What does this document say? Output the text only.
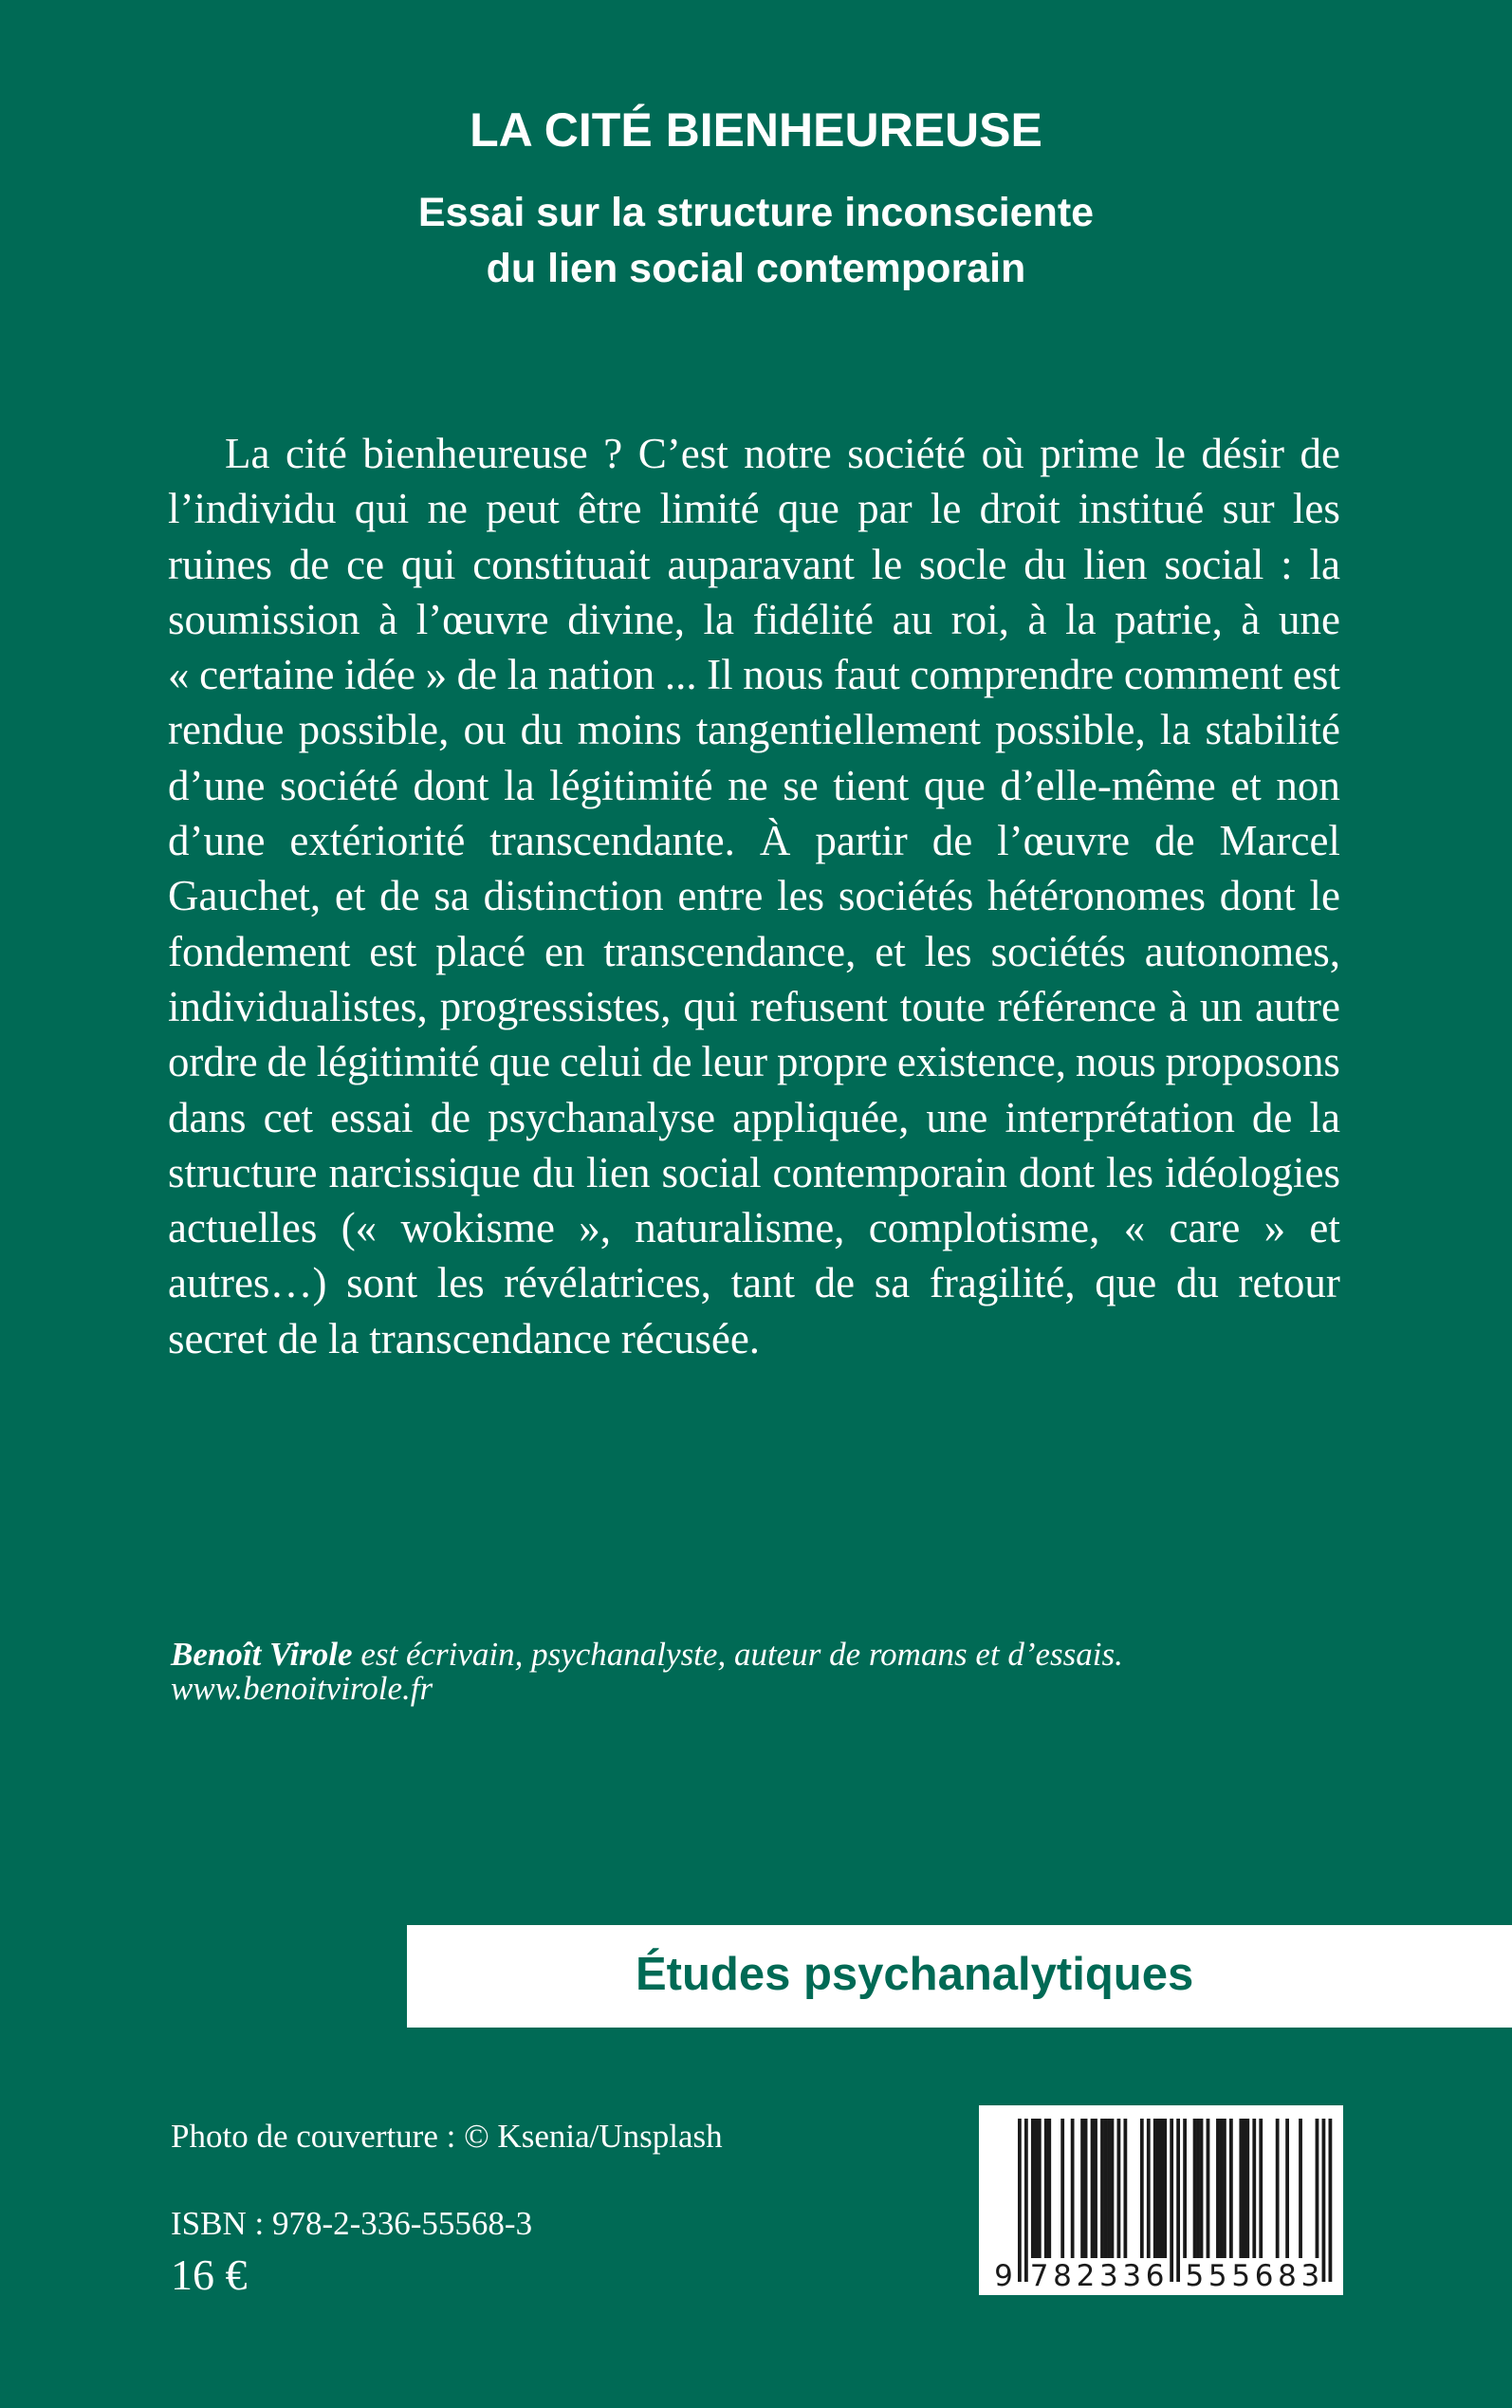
LA CITÉ BIENHEUREUSE
Essai sur la structure inconsciente
du lien social contemporain
La cité bienheureuse ? C’est notre société où prime le désir de
l’individu qui ne peut être limité que par le droit institué sur les
ruines de ce qui constituait auparavant le socle du lien social : la
soumission à l’œuvre divine, la fidélité au roi, à la patrie, à une
« certaine idée » de la nation ... Il nous faut comprendre comment est
rendue possible, ou du moins tangentiellement possible, la stabilité
d’une société dont la légitimité ne se tient que d’elle-même et non
d’une extériorité transcendante. À partir de l’œuvre de Marcel
Gauchet, et de sa distinction entre les sociétés hétéronomes dont le
fondement est placé en transcendance, et les sociétés autonomes,
individualistes, progressistes, qui refusent toute référence à un autre
ordre de légitimité que celui de leur propre existence, nous proposons
dans cet essai de psychanalyse appliquée, une interprétation de la
structure narcissique du lien social contemporain dont les idéologies
actuelles (« wokisme », naturalisme, complotisme, « care » et
autres…) sont les révélatrices, tant de sa fragilité, que du retour
secret de la transcendance récusée.
Benoît Virole est écrivain, psychanalyste, auteur de romans et d’essais.
www.benoitvirole.fr
Études psychanalytiques
Photo de couverture : © Ksenia/Unsplash
ISBN : 978-2-336-55568-3
16 €	9 7 8 2 3 3 6 5 5 5 6 8 3
